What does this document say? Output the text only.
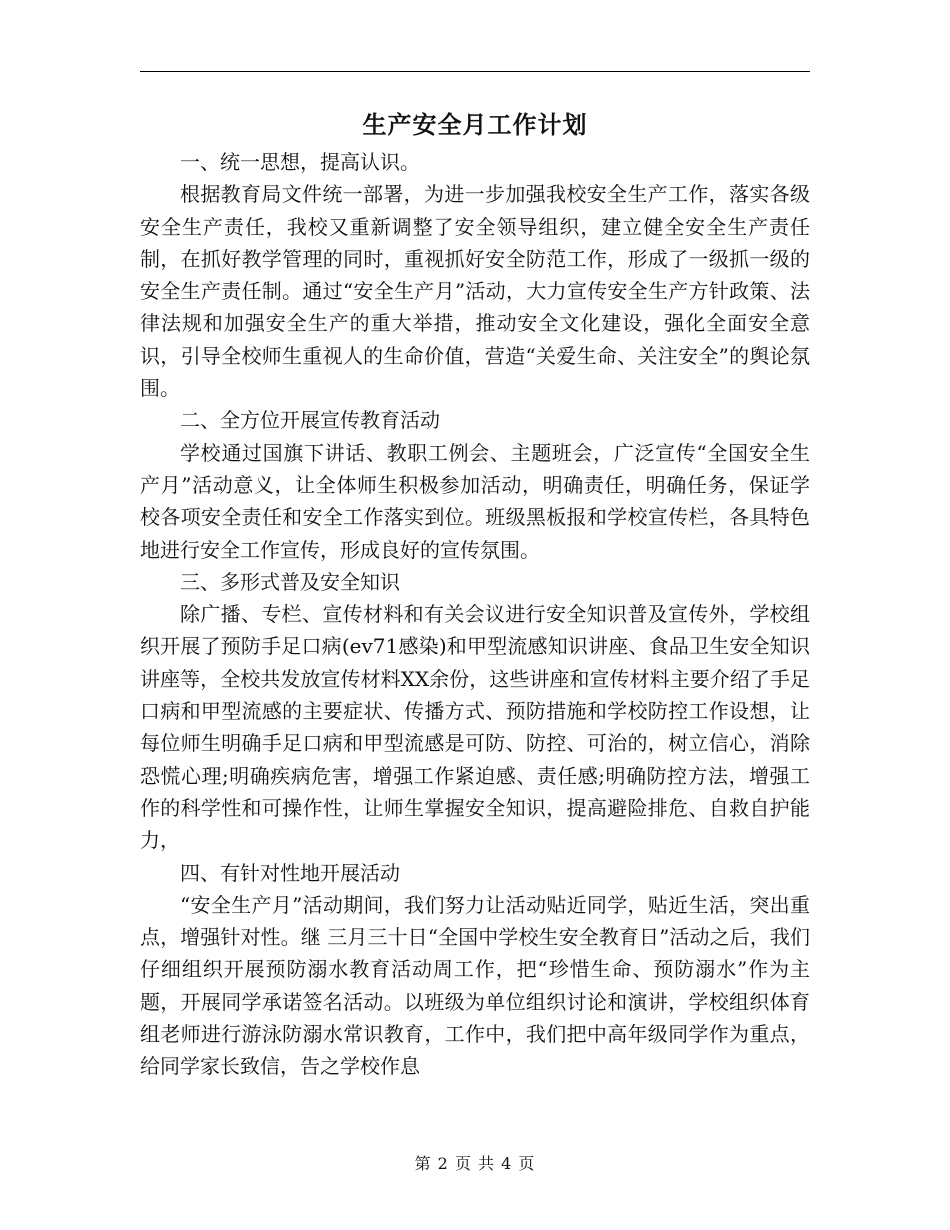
生产安全月工作计划

一、统一思想，提高认识。

根据教育局文件统一部署，为进一步加强我校安全生产工作，落实各级安全生产责任，我校又重新调整了安全领导组织，建立健全安全生产责任制，在抓好教学管理的同时，重视抓好安全防范工作，形成了一级抓一级的安全生产责任制。通过“安全生产月”活动，大力宣传安全生产方针政策、法律法规和加强安全生产的重大举措，推动安全文化建设，强化全面安全意识，引导全校师生重视人的生命价值，营造“关爱生命、关注安全”的舆论氛围。

二、全方位开展宣传教育活动

学校通过国旗下讲话、教职工例会、主题班会，广泛宣传“全国安全生产月”活动意义，让全体师生积极参加活动，明确责任，明确任务，保证学校各项安全责任和安全工作落实到位。班级黑板报和学校宣传栏，各具特色地进行安全工作宣传，形成良好的宣传氛围。

三、多形式普及安全知识

除广播、专栏、宣传材料和有关会议进行安全知识普及宣传外，学校组织开展了预防手足口病(ev71感染)和甲型流感知识讲座、食品卫生安全知识讲座等，全校共发放宣传材料XX余份，这些讲座和宣传材料主要介绍了手足口病和甲型流感的主要症状、传播方式、预防措施和学校防控工作设想，让每位师生明确手足口病和甲型流感是可防、防控、可治的，树立信心，消除恐慌心理;明确疾病危害，增强工作紧迫感、责任感;明确防控方法，增强工作的科学性和可操作性，让师生掌握安全知识，提高避险排危、自救自护能力，

四、有针对性地开展活动

“安全生产月”活动期间，我们努力让活动贴近同学，贴近生活，突出重点，增强针对性。继 三月三十日“全国中学校生安全教育日”活动之后，我们仔细组织开展预防溺水教育活动周工作，把“珍惜生命、预防溺水”作为主题，开展同学承诺签名活动。以班级为单位组织讨论和演讲，学校组织体育组老师进行游泳防溺水常识教育，工作中，我们把中高年级同学作为重点，给同学家长致信，告之学校作息

第 2 页 共 4 页
